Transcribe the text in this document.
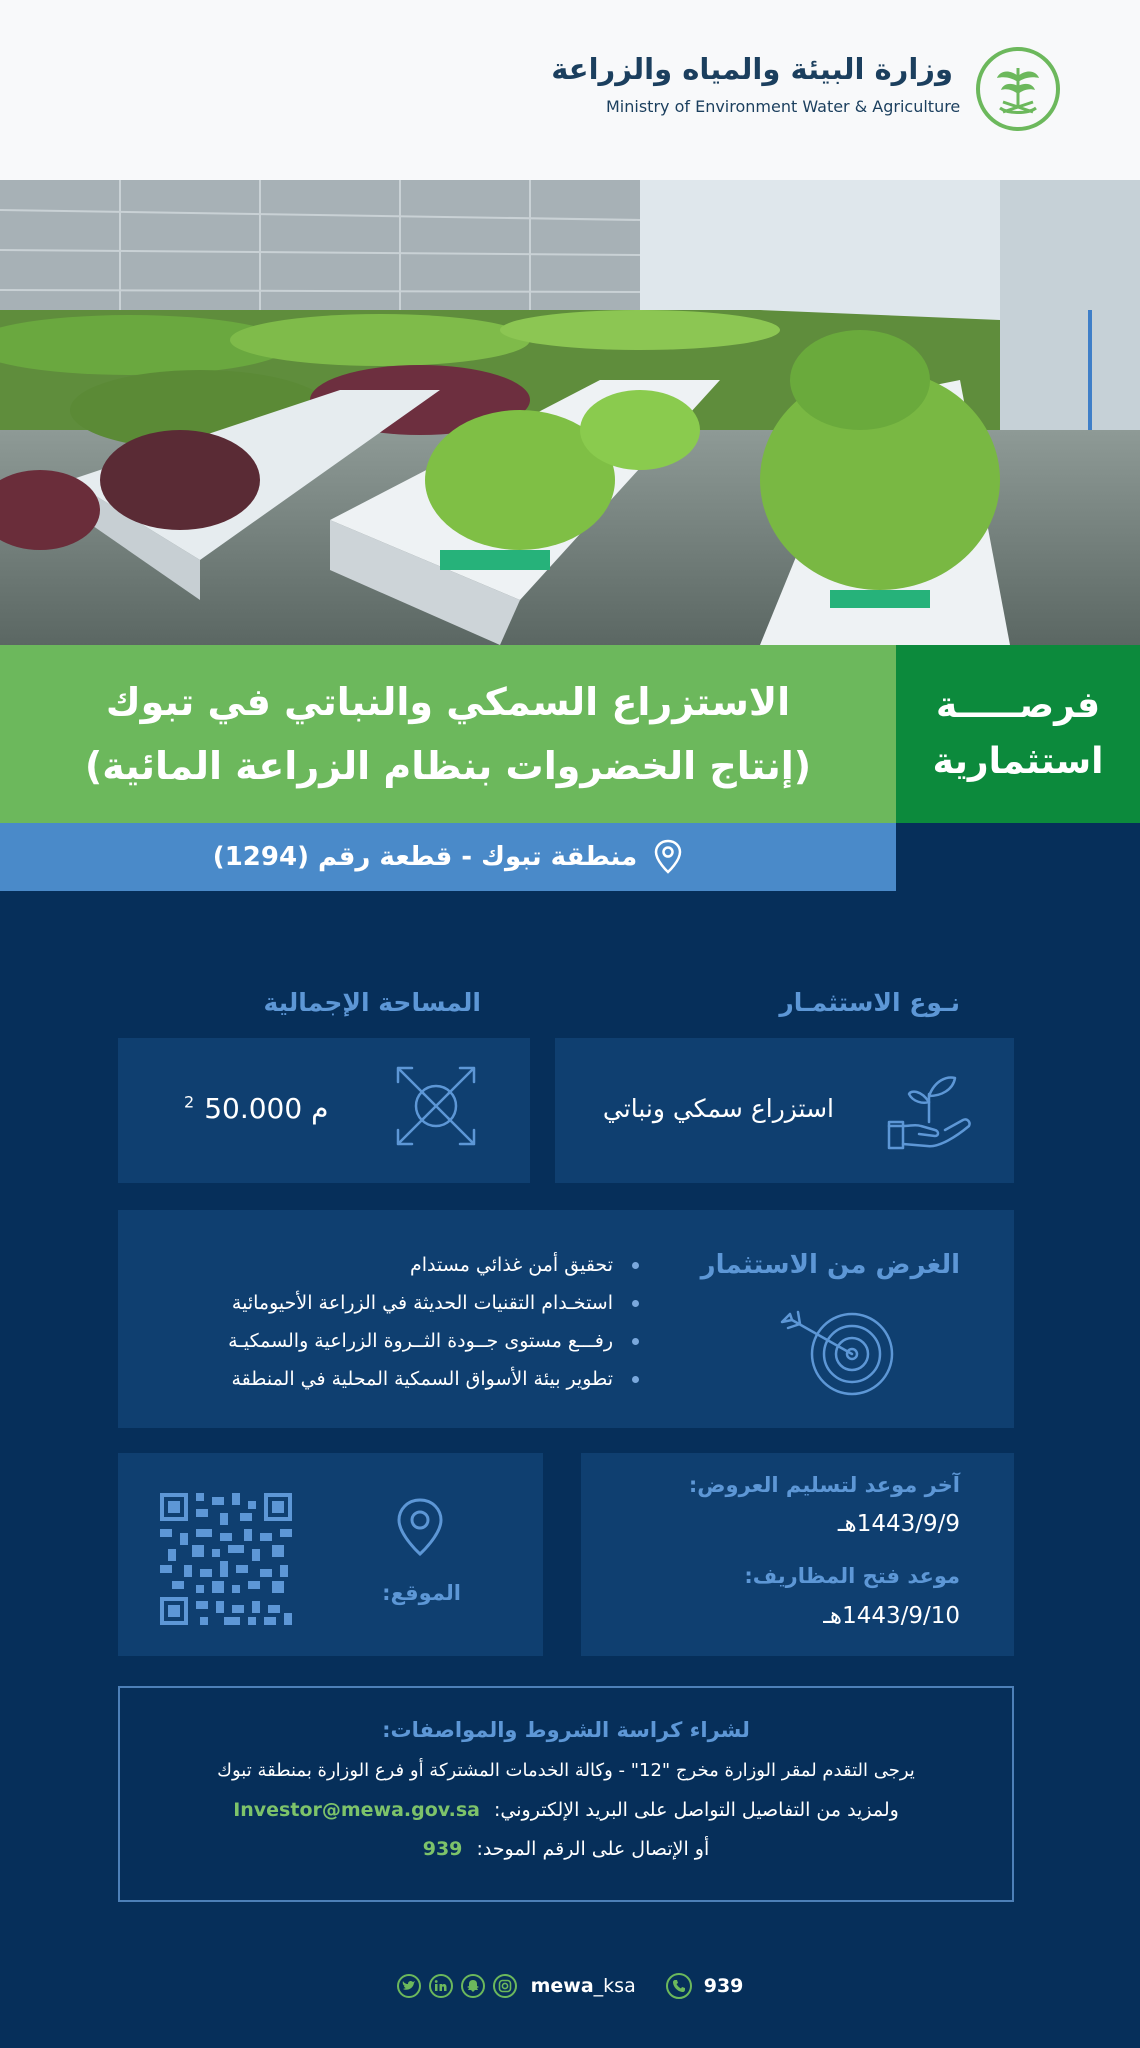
وزارة البيئة والمياه والزراعة
Ministry of Environment Water & Agriculture
الاستزراع السمكي والنباتي في تبوك
(إنتاج الخضروات بنظام الزراعة المائية)
فرصـــــة
استثمارية
منطقة تبوك - قطعة رقم (1294)
نـوع الاستثمـار
المساحة الإجمالية
استزراع سمكي ونباتي
$^2$	م 50.000
الغرض من الاستثمار
تحقيق أمن غذائي مستدام
استخـدام التقنيات الحديثة في الزراعة الأحيومائية
رفـــع مستوى جــودة الثــروة الزراعية والسمكيـة
تطوير بيئة الأسواق السمكية المحلية في المنطقة
آخر موعد لتسليم العروض:
1443/9/9هـ
موعد فتح المظاريف:
1443/9/10هـ
الموقع:
لشراء كراسة الشروط والمواصفات:
يرجى التقدم لمقر الوزارة مخرج "12" - وكالة الخدمات المشتركة أو فرع الوزارة بمنطقة تبوك
ولمزيد من التفاصيل التواصل على البريد الإلكتروني: Investor@mewa.gov.sa
أو الإتصال على الرقم الموحد: 939
mewa_ksa	939
